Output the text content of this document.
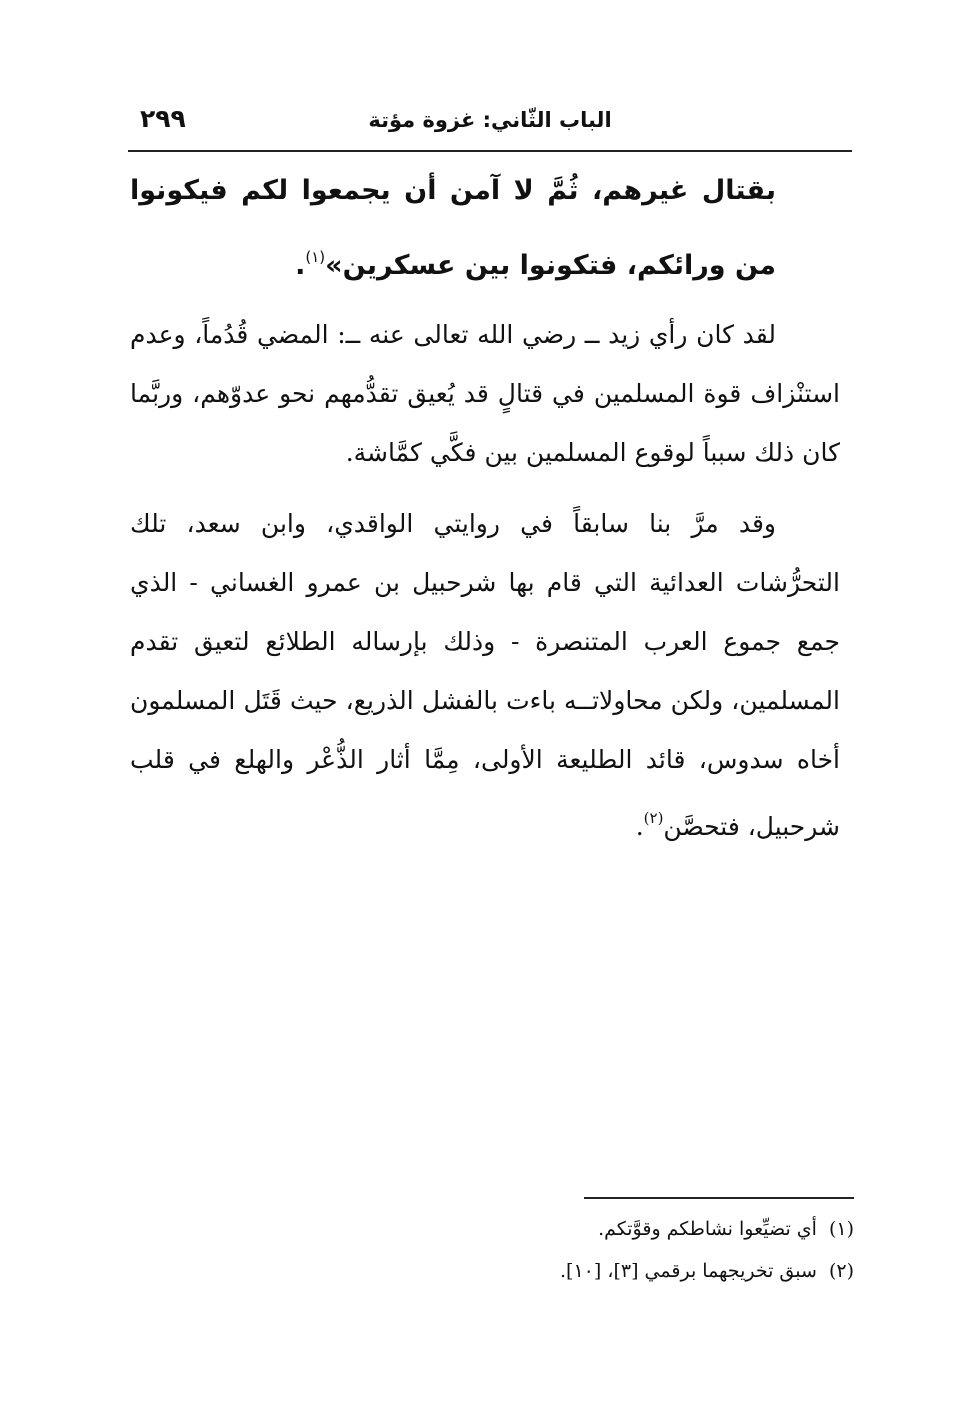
الباب الثّاني: غزوة مؤتة
٢٩٩

بقتال غيرهم، ثُمَّ لا آمن أن يجمعوا لكم فيكونوا من ورائكم، فتكونوا بين عسكرين»$^{(١)}$.

لقد كان رأي زيد ــ رضي الله تعالى عنه ــ: المضي قُدُماً، وعدم استنْزاف قوة المسلمين في قتالٍ قد يُعيق تقدُّمهم نحو عدوّهم، وربَّما كان ذلك سبباً لوقوع المسلمين بين فكَّي كمَّاشة.

وقد مرَّ بنا سابقاً في روايتي الواقدي، وابن سعد، تلك التحرُّشات العدائية التي قام بها شرحبيل بن عمرو الغساني - الذي جمع جموع العرب المتنصرة - وذلك بإرساله الطلائع لتعيق تقدم المسلمين، ولكن محاولاتــه باءت بالفشل الذريع، حيث قَتَل المسلمون أخاه سدوس، قائد الطليعة الأولى، مِمَّا أثار الذُّعْر والهلع في قلب شرحبيل، فتحصَّن$^{(٢)}$.

(١)أي تضيِّعوا نشاطكم وقوَّتكم.

(٢)سبق تخريجهما برقمي [٣]، [١٠].
